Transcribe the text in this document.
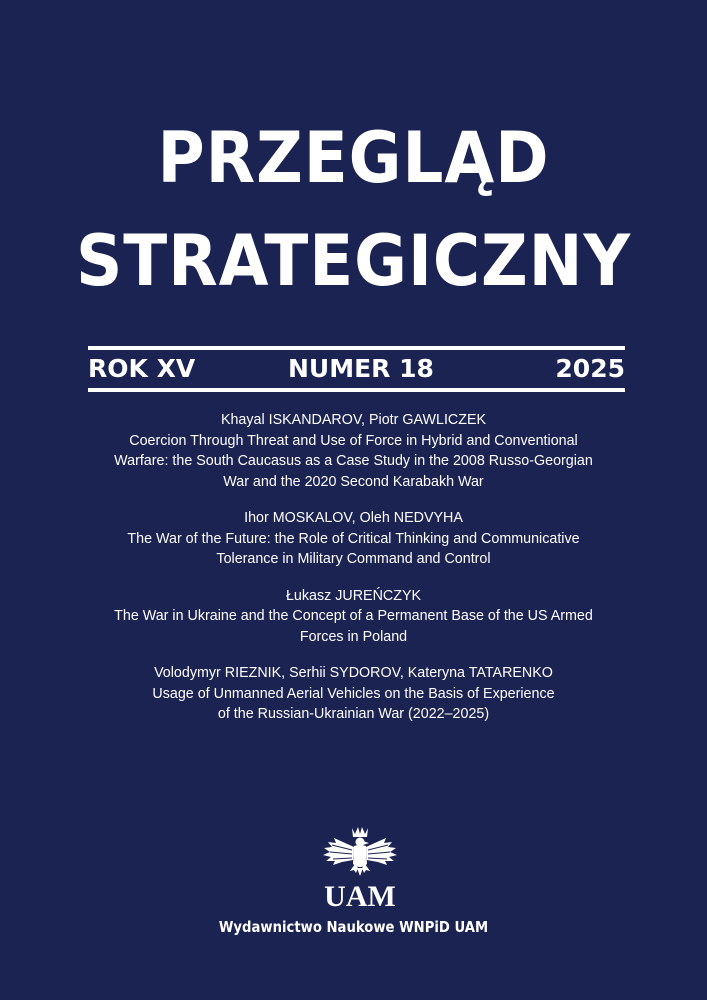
PRZEGLĄD
STRATEGICZNY
ROK XV	NUMER 18	2025
Khayal ISKANDAROV, Piotr GAWLICZEK
Coercion Through Threat and Use of Force in Hybrid and Conventional
Warfare: the South Caucasus as a Case Study in the 2008 Russo-Georgian
War and the 2020 Second Karabakh War
Ihor MOSKALOV, Oleh NEDVYHA
The War of the Future: the Role of Critical Thinking and Communicative
Tolerance in Military Command and Control
Łukasz JUREŃCZYK
The War in Ukraine and the Concept of a Permanent Base of the US Armed
Forces in Poland
Volodymyr RIEZNIK, Serhii SYDOROV, Kateryna TATARENKO
Usage of Unmanned Aerial Vehicles on the Basis of Experience
of the Russian-Ukrainian War (2022–2025)
UAM
Wydawnictwo Naukowe WNPiD UAM
